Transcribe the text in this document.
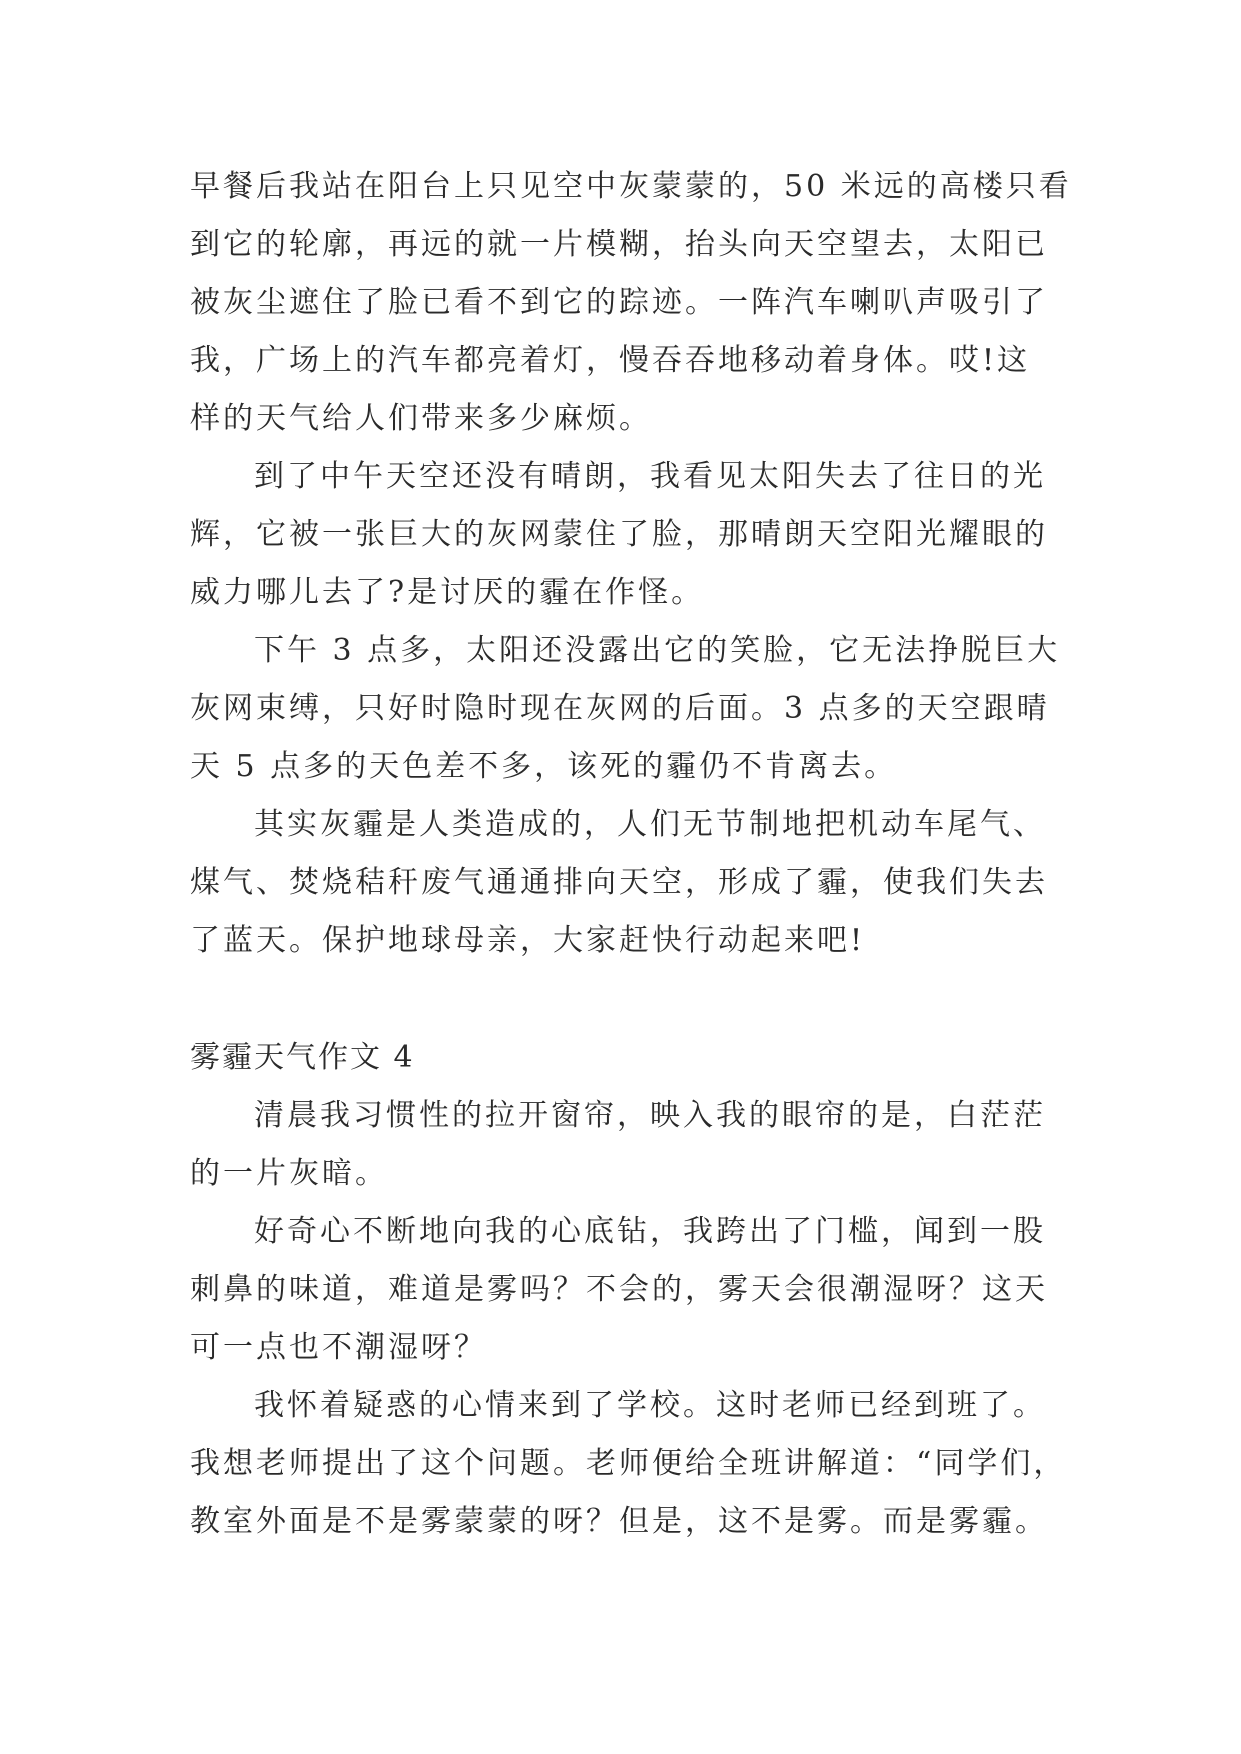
早餐后我站在阳台上只见空中灰蒙蒙的，50 米远的高楼只看
到它的轮廓，再远的就一片模糊，抬头向天空望去，太阳已
被灰尘遮住了脸已看不到它的踪迹。一阵汽车喇叭声吸引了
我，广场上的汽车都亮着灯，慢吞吞地移动着身体。哎!这
样的天气给人们带来多少麻烦。
到了中午天空还没有晴朗，我看见太阳失去了往日的光
辉，它被一张巨大的灰网蒙住了脸，那晴朗天空阳光耀眼的
威力哪儿去了?是讨厌的霾在作怪。
下午 3 点多，太阳还没露出它的笑脸，它无法挣脱巨大
灰网束缚，只好时隐时现在灰网的后面。3 点多的天空跟晴
天 5 点多的天色差不多，该死的霾仍不肯离去。
其实灰霾是人类造成的，人们无节制地把机动车尾气、
煤气、焚烧秸秆废气通通排向天空，形成了霾，使我们失去
了蓝天。保护地球母亲，大家赶快行动起来吧!
雾霾天气作文 4
清晨我习惯性的拉开窗帘，映入我的眼帘的是，白茫茫
的一片灰暗。
好奇心不断地向我的心底钻，我跨出了门槛，闻到一股
刺鼻的味道，难道是雾吗？不会的，雾天会很潮湿呀？这天
可一点也不潮湿呀？
我怀着疑惑的心情来到了学校。这时老师已经到班了。
我想老师提出了这个问题。老师便给全班讲解道：“同学们，
教室外面是不是雾蒙蒙的呀？但是，这不是雾。而是雾霾。
